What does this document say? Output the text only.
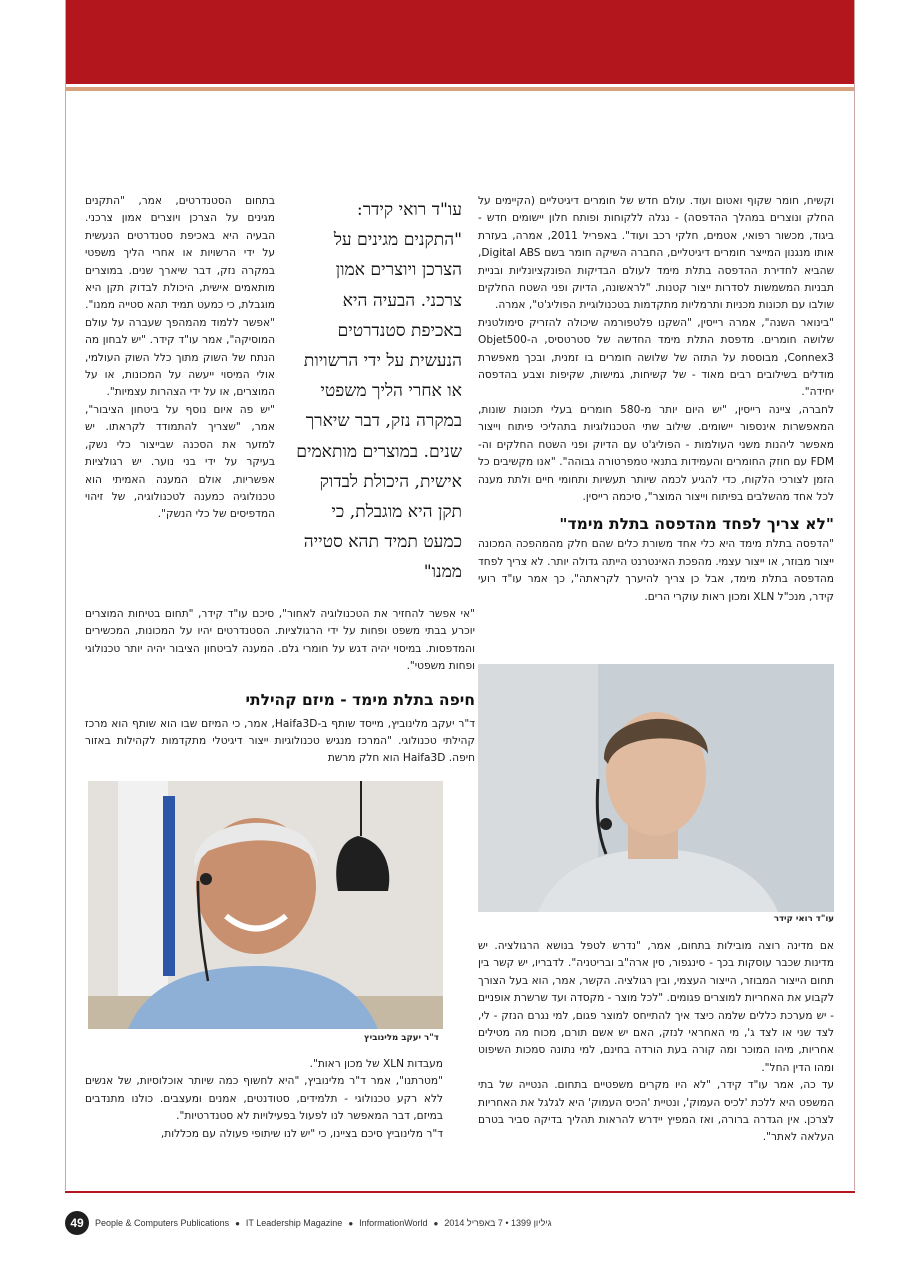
וקשיח, חומר שקוף ואטום ועוד. עולם חדש של חומרים דיגיטליים (הקיימים על החלק ונוצרים במהלך ההדפסה) - נגלה ללקוחות ופותח חלון יישומים חדש - ביגוד, מכשור רפואי, אטמים, חלקי רכב ועוד". באפריל 2011, אמרה, בעזרת אותו מנגנון המייצר חומרים דיגיטליים, החברה השיקה חומר בשם Digital ABS, שהביא לחדירת ההדפסה בתלת מימד לעולם הבדיקות הפונקציונליות ובניית תבניות המשמשות לסדרות ייצור קטנות. "לראשונה, הדיוק ופני השטח החלקים שולבו עם תכונות מכניות ותרמליות מתקדמות בטכנולוגיית הפוליג'ט", אמרה.

"בינואר השנה", אמרה רייסין, "השקנו פלטפורמה שיכולה להזריק סימולטנית שלושה חומרים. מדפסת התלת מימד החדשה של סטרטסיס, ה-Objet500 Connex3, מבוססת על התזה של שלושה חומרים בו זמנית, ובכך מאפשרת מודלים בשילובים רבים מאוד - של קשיחות, גמישות, שקיפות וצבע בהדפסה יחידה".

לחברה, ציינה רייסין, "יש היום יותר מ-580 חומרים בעלי תכונות שונות, המאפשרות אינספור יישומים. שילוב שתי הטכנולוגיות בתהליכי פיתוח וייצור מאפשר ליהנות משני העולמות - הפוליג'ט עם הדיוק ופני השטח החלקים וה-FDM עם חוזק החומרים והעמידות בתנאי טמפרטורה גבוהה". "אנו מקשיבים כל הזמן לצורכי הלקוח, כדי להגיע לכמה שיותר תעשיות ותחומי חיים ולתת מענה לכל אחד מהשלבים בפיתוח וייצור המוצר", סיכמה רייסין.

"לא צריך לפחד מהדפסה בתלת מימד"

"הדפסה בתלת מימד היא כלי אחד משורת כלים שהם חלק מהמהפכה המכונה ייצור מבוזר, או ייצור עצמי. מהפכת האינטרנט הייתה גדולה יותר. לא צריך לפחד מהדפסה בתלת מימד, אבל כן צריך להיערך לקראתה", כך אמר עו"ד רועי קידר, מנכ"ל XLN ומכון ראות עוקרי הרים.

עו"ד רואי קידר

אם מדינה רוצה מובילות בתחום, אמר, "נדרש לטפל בנושא הרגולציה. יש מדינות שכבר עוסקות בכך - סינגפור, סין ארה"ב ובריטניה". לדבריו, יש קשר בין תחום הייצור המבוזר, הייצור העצמי, ובין רגולציה. הקשר, אמר, הוא בעל הצורך לקבוע את האחריות למוצרים פגומים. "לכל מוצר - מקסדה ועד שרשרת אופניים - יש מערכת כללים שלמה כיצד איך להתייחס למוצר פגום, למי נגרם הנזק - לי, לצד שני או לצד ג', מי האחראי לנזק, האם יש אשם תורם, מכוח מה מטילים אחריות, מיהו המוכר ומה קורה בעת הורדה בחינם, למי נתונה סמכות השיפוט ומהו הדין החל".

עד כה, אמר עו"ד קידר, "לא היו מקרים משפטיים בתחום. הנטייה של בתי המשפט היא ללכת 'לכיס העמוק', ונטיית 'הכיס העמוק' היא לגלגל את האחריות לצרכן. אין הגדרה ברורה, ואז המפיץ יידרש להראות תהליך בדיקה סביר בטרם העלאה לאתר".

עו"ד רואי קידר: "התקנים מגינים על הצרכן ויוצרים אמון צרכני. הבעיה היא באכיפת סטנדרטים הנעשית על ידי הרשויות או אחרי הליך משפטי במקרה נזק, דבר שיארך שנים. במוצרים מותאמים אישית, היכולת לבדוק תקן היא מוגבלת, כי כמעט תמיד תהא סטייה ממנו"

בתחום הסטנדרטים, אמר, "התקנים מגינים על הצרכן ויוצרים אמון צרכני. הבעיה היא באכיפת סטנדרטים הנעשית על ידי הרשויות או אחרי הליך משפטי במקרה נזק, דבר שיארך שנים. במוצרים מותאמים אישית, היכולת לבדוק תקן היא מוגבלת, כי כמעט תמיד תהא סטייה ממנו".

"אפשר ללמוד מהמהפך שעברה על עולם המוסיקה", אמר עו"ד קידר. "יש לבחון מה הנתח של השוק מתוך כלל השוק העולמי, אולי המיסוי ייעשה על המכונות, או על המוצרים, או על ידי הצהרות עצמיות".

"יש פה איום נוסף על ביטחון הציבור", אמר, "שצריך להתמודד לקראתו. יש למזער את הסכנה שבייצור כלי נשק, בעיקר על ידי בני נוער. יש רגולציות אפשריות, אולם המענה האמיתי הוא טכנולוגיה כמענה לטכנולוגיה, של זיהוי המדפיסים של כלי הנשק".

"אי אפשר להחזיר את הטכנולוגיה לאחור", סיכם עו"ד קידר, "תחום בטיחות המוצרים יוכרע בבתי משפט ופחות על ידי הרגולציות. הסטנדרטים יהיו על המכונות, המכשירים והמדפסות. במיסוי יהיה דגש על חומרי גלם. המענה לביטחון הציבור יהיה יותר טכנולוגי ופחות משפטי".

חיפה בתלת מימד - מיזם קהילתי

ד"ר יעקב מלינוביץ, מייסד שותף ב-Haifa3D, אמר, כי המיזם שבו הוא שותף הוא מרכז קהילתי טכנולוגי. "המרכז מנגיש טכנולוגיות ייצור דיגיטלי מתקדמות לקהילות באזור חיפה. Haifa3D הוא חלק מרשת

ד"ר יעקב מלינוביץ

מעבדות XLN של מכון ראות".

"מטרתנו", אמר ד"ר מלינוביץ, "היא לחשוף כמה שיותר אוכלוסיות, של אנשים ללא רקע טכנולוגי - תלמידים, סטודנטים, אמנים ומעצבים. כולנו מתנדבים במיזם, דבר המאפשר לנו לפעול בפעילויות לא סטנדרטיות".

ד"ר מלינוביץ סיכם בציינו, כי "יש לנו שיתופי פעולה עם מכללות,

49	People & Computers Publications ● IT Leadership Magazine ● InformationWorld ● גיליון 1399 • 7 באפריל 2014
